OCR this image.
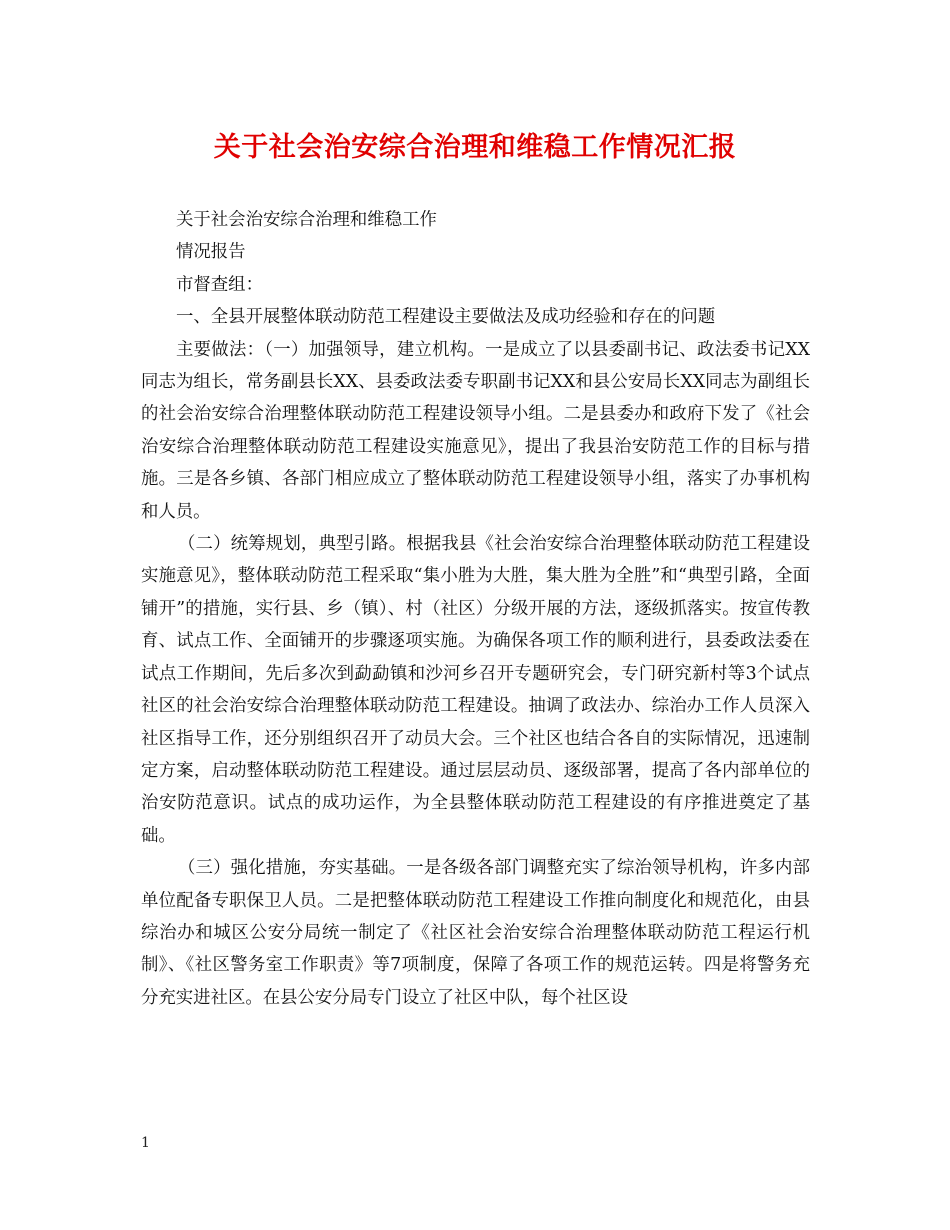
关于社会治安综合治理和维稳工作情况汇报

关于社会治安综合治理和维稳工作

情况报告

市督查组：

一、全县开展整体联动防范工程建设主要做法及成功经验和存在的问题

主要做法：（一）加强领导，建立机构。一是成立了以县委副书记、政法委书记XX同志为组长，常务副县长XX、县委政法委专职副书记XX和县公安局长XX同志为副组长的社会治安综合治理整体联动防范工程建设领导小组。二是县委办和政府下发了《社会治安综合治理整体联动防范工程建设实施意见》，提出了我县治安防范工作的目标与措施。三是各乡镇、各部门相应成立了整体联动防范工程建设领导小组，落实了办事机构和人员。

（二）统筹规划，典型引路。根据我县《社会治安综合治理整体联动防范工程建设实施意见》，整体联动防范工程采取“集小胜为大胜，集大胜为全胜”和“典型引路，全面铺开”的措施，实行县、乡（镇）、村（社区）分级开展的方法，逐级抓落实。按宣传教育、试点工作、全面铺开的步骤逐项实施。为确保各项工作的顺利进行，县委政法委在试点工作期间，先后多次到勐勐镇和沙河乡召开专题研究会，专门研究新村等3个试点社区的社会治安综合治理整体联动防范工程建设。抽调了政法办、综治办工作人员深入社区指导工作，还分别组织召开了动员大会。三个社区也结合各自的实际情况，迅速制定方案，启动整体联动防范工程建设。通过层层动员、逐级部署，提高了各内部单位的治安防范意识。试点的成功运作，为全县整体联动防范工程建设的有序推进奠定了基础。

（三）强化措施，夯实基础。一是各级各部门调整充实了综治领导机构，许多内部单位配备专职保卫人员。二是把整体联动防范工程建设工作推向制度化和规范化，由县综治办和城区公安分局统一制定了《社区社会治安综合治理整体联动防范工程运行机制》、《社区警务室工作职责》等7项制度，保障了各项工作的规范运转。四是将警务充分充实进社区。在县公安分局专门设立了社区中队，每个社区设

1
